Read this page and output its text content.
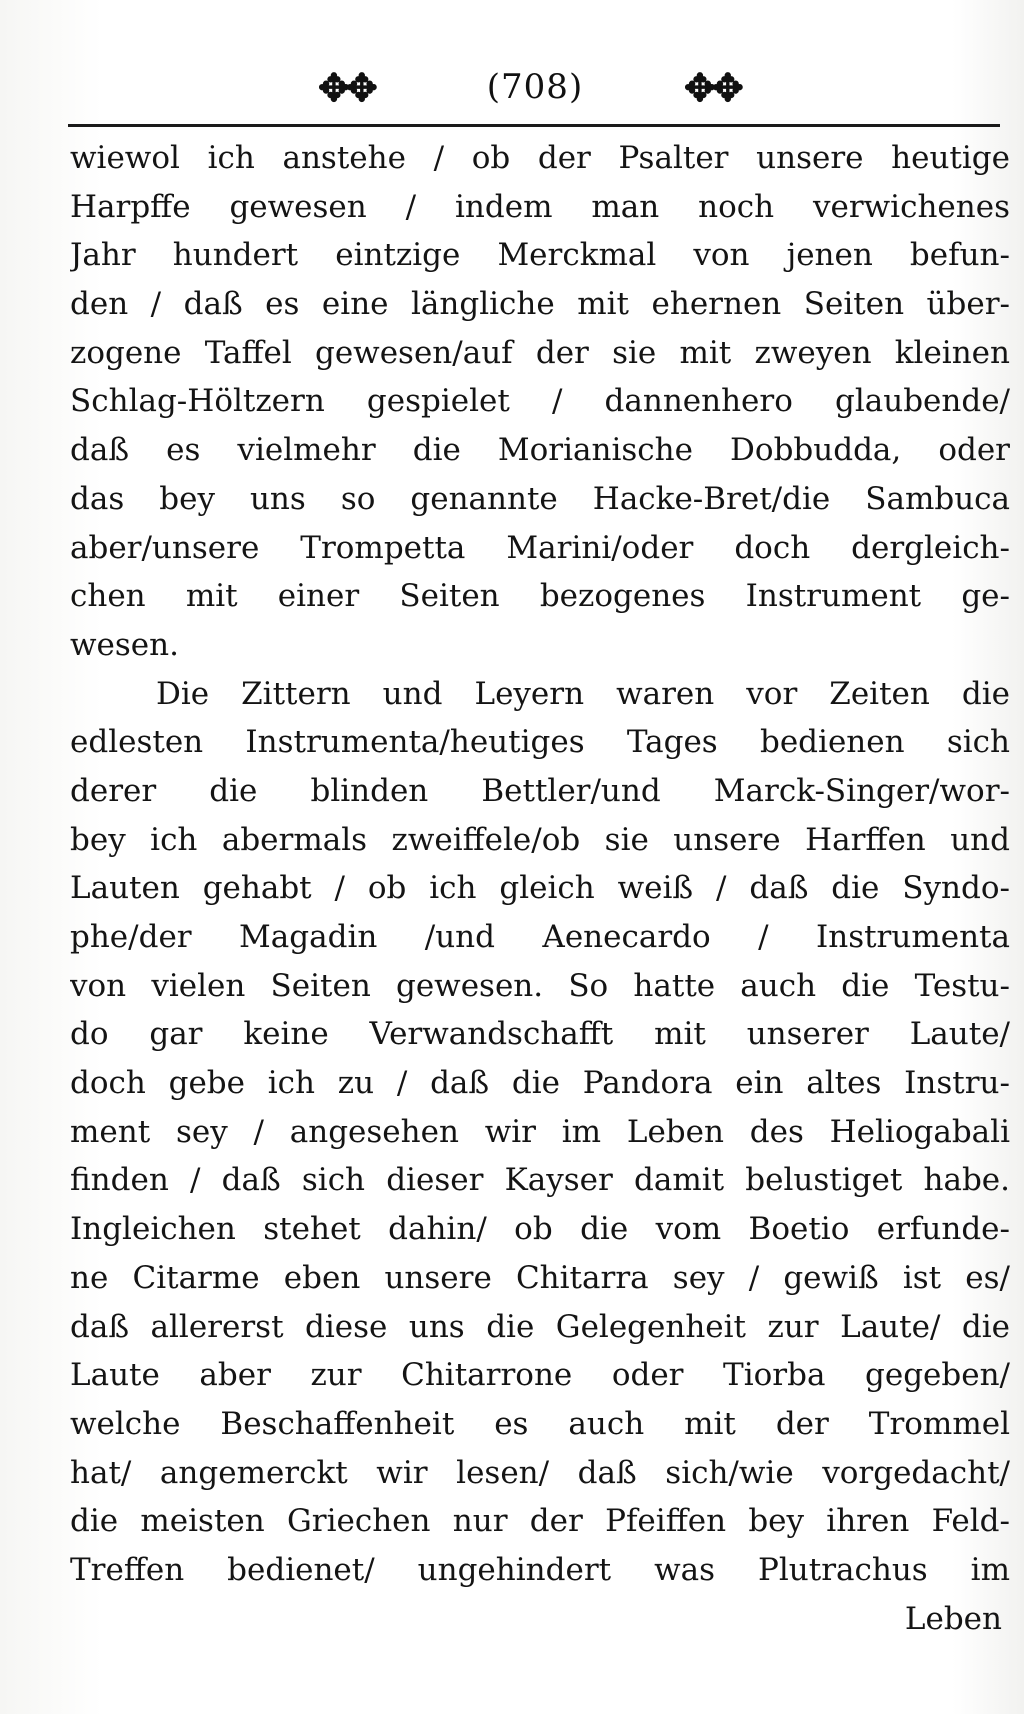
✥✥	(708)	✥✥
wiewol ich anstehe / ob der Psalter unsere heutige
Harpffe gewesen / indem man noch verwichenes
Jahr hundert eintzige Merckmal von jenen befun-
den / daß es eine längliche mit ehernen Seiten über-
zogene Taffel gewesen/auf der sie mit zweyen kleinen
Schlag-Höltzern gespielet / dannenhero glaubende/
daß es vielmehr die Morianische Dobbudda, oder
das bey uns so genannte Hacke-Bret/die Sambuca
aber/unsere Trompetta Marini/oder doch dergleich-
chen mit einer Seiten bezogenes Instrument ge-
wesen.
Die Zittern und Leyern waren vor Zeiten die
edlesten Instrumenta/heutiges Tages bedienen sich
derer die blinden Bettler/und Marck-Singer/wor-
bey ich abermals zweiffele/ob sie unsere Harffen und
Lauten gehabt / ob ich gleich weiß / daß die Syndo-
phe/der Magadin /und Aenecardo / Instrumenta
von vielen Seiten gewesen. So hatte auch die Testu-
do gar keine Verwandschafft mit unserer Laute/
doch gebe ich zu / daß die Pandora ein altes Instru-
ment sey / angesehen wir im Leben des Heliogabali
finden / daß sich dieser Kayser damit belustiget habe.
Ingleichen stehet dahin/ ob die vom Boetio erfunde-
ne Citarme eben unsere Chitarra sey / gewiß ist es/
daß allererst diese uns die Gelegenheit zur Laute/ die
Laute aber zur Chitarrone oder Tiorba gegeben/
welche Beschaffenheit es auch mit der Trommel
hat/ angemerckt wir lesen/ daß sich/wie vorgedacht/
die meisten Griechen nur der Pfeiffen bey ihren Feld-
Treffen bedienet/ ungehindert was Plutrachus im
Leben
